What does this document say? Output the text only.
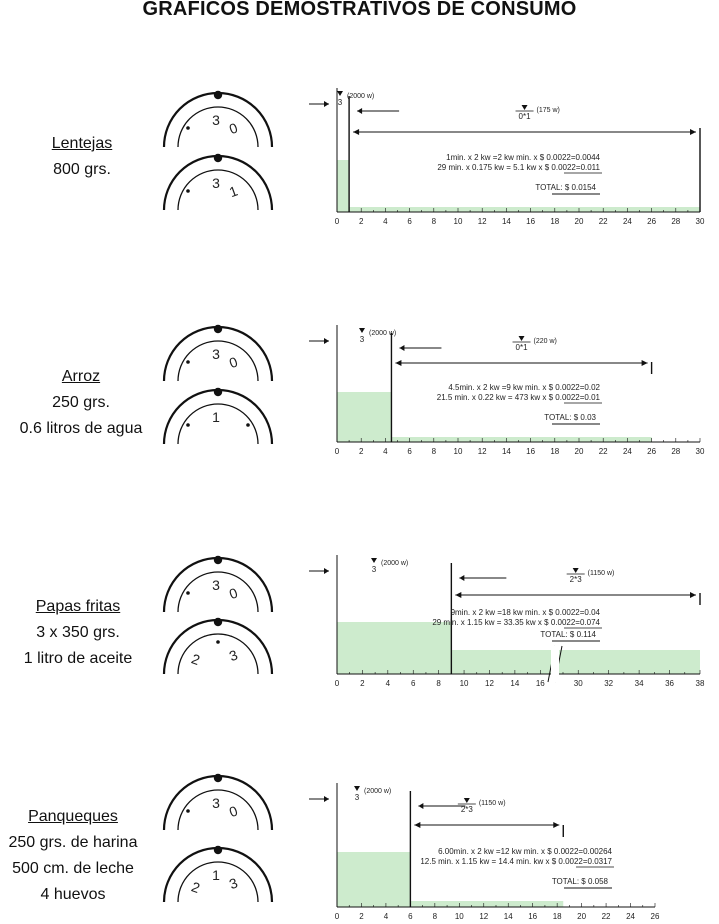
GRAFICOS DEMOSTRATIVOS DE CONSUMO
Lentejas
800 grs.
Arroz
250 grs.
0.6 litros de agua
Papas fritas
3 x 350 grs.
1 litro de aceite
Panqueques
250 grs. de harina
500 cm. de leche
4 huevos
3 0
3 1
3 0
1
3 0
3
2
3 0
1 3
2
0 2 4 6 8 10 12 14 16 18 20 22 24 26 28 30
3
(2000 w)
0*1
(175 w)
1min. x 2 kw =2 kw min. x $ 0.0022=0.0044
29 min. x 0.175 kw = 5.1 kw x $ 0.0022=0.011
TOTAL: $ 0.0154
0 2 4 6 8 10 12 14 16 18 20 22 24 26 28 30
3
(2000 w)
0*1
(220 w)
4.5min. x 2 kw =9 kw min. x $ 0.0022=0.02
21.5 min. x 0.22 kw = 473 kw x $ 0.0022=0.01
TOTAL: $ 0.03
0	2	4	6	8 10 12 14 16	30	32	34	36	38
3
(2000 w)
2*3
(1150 w)
9min. x 2 kw =18 kw min. x $ 0.0022=0.04
29 min. x 1.15 kw = 33.35 kw x $ 0.0022=0.074
TOTAL: $ 0.114
0	2	4	6	8 10 12 14 16 18 20 22 24 26
3
(2000 w)
2*3
(1150 w)
6.00min. x 2 kw =12 kw min. x $ 0.0022=0.00264
12.5 min. x 1.15 kw = 14.4 min. kw x $ 0.0022=0.0317
TOTAL: $ 0.058
